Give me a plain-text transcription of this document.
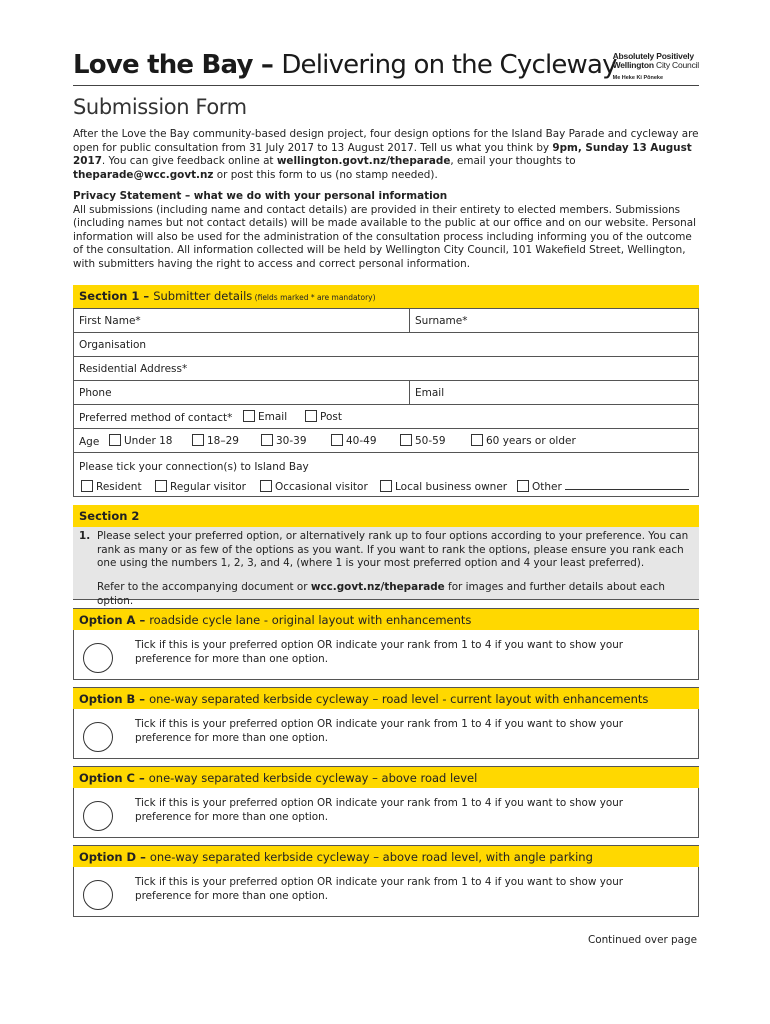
Love the Bay – Delivering on the Cycleway
Absolutely Positively
Wellington City Council
Me Heke Ki Pōneke
Submission Form
After the Love the Bay community-based design project, four design options for the Island Bay Parade and cycleway are open for public consultation from 31 July 2017 to 13 August 2017. Tell us what you think by 9pm, Sunday 13 August 2017. You can give feedback online at wellington.govt.nz/theparade, email your thoughts to theparade@wcc.govt.nz or post this form to us (no stamp needed).
Privacy Statement – what we do with your personal information
All submissions (including name and contact details) are provided in their entirety to elected members. Submissions (including names but not contact details) will be made available to the public at our office and on our website. Personal information will also be used for the administration of the consultation process including informing you of the outcome of the consultation. All information collected will be held by Wellington City Council, 101 Wakefield Street, Wellington, with submitters having the right to access and correct personal information.
Section 1 – Submitter details (fields marked * are mandatory)
First Name*	Surname*
Organisation
Residential Address*
Phone	Email
Preferred method of contact*	Email	Post
Age	Under 18	18–29	30-39	40-49	50-59	60 years or older
Please tick your connection(s) to Island Bay
Resident	Regular visitor	Occasional visitor	Local business owner	Other
Section 2
1. Please select your preferred option, or alternatively rank up to four options according to your preference. You can rank as many or as few of the options as you want. If you want to rank the options, please ensure you rank each one using the numbers 1, 2, 3, and 4, (where 1 is your most preferred option and 4 your least preferred).
Refer to the accompanying document or wcc.govt.nz/theparade for images and further details about each option.
Option A – roadside cycle lane - original layout with enhancements
Tick if this is your preferred option OR indicate your rank from 1 to 4 if you want to show your preference for more than one option.
Option B – one-way separated kerbside cycleway – road level - current layout with enhancements
Tick if this is your preferred option OR indicate your rank from 1 to 4 if you want to show your preference for more than one option.
Option C – one-way separated kerbside cycleway – above road level
Tick if this is your preferred option OR indicate your rank from 1 to 4 if you want to show your preference for more than one option.
Option D – one-way separated kerbside cycleway – above road level, with angle parking
Tick if this is your preferred option OR indicate your rank from 1 to 4 if you want to show your preference for more than one option.
Continued over page
